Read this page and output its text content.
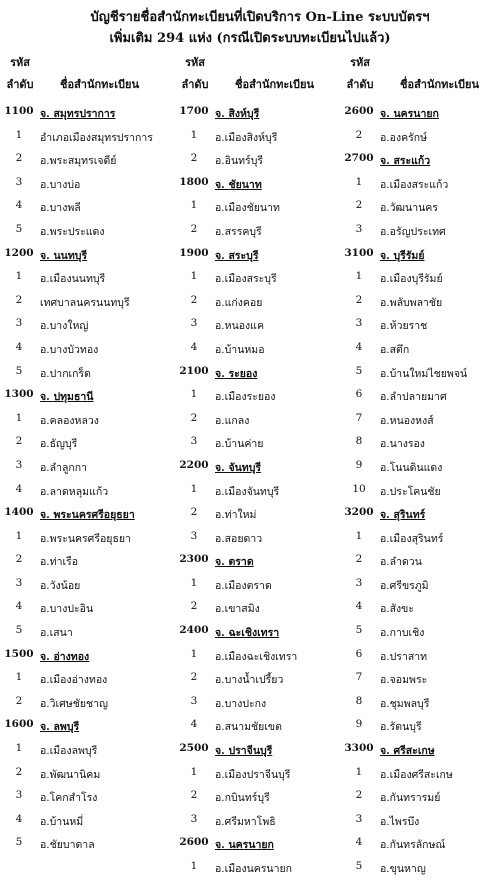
บัญชีรายชื่อสำนักทะเบียนที่เปิดบริการ On-Line ระบบบัตรฯ
เพิ่มเติม 294 แห่ง (กรณีเปิดระบบทะเบียนไปแล้ว)
รหัส
ลำดับ	ชื่อสำนักทะเบียน
1100 จ. สมุทรปราการ
1	อำเภอเมืองสมุทรปราการ
2	อ.พระสมุทรเจดีย์
3	อ.บางบ่อ
4	อ.บางพลี
5	อ.พระประแดง
1200 จ. นนทบุรี
1	อ.เมืองนนทบุรี
2	เทศบาลนครนนทบุรี
3	อ.บางใหญ่
4	อ.บางบัวทอง
5	อ.ปากเกร็ด
1300 จ. ปทุมธานี
1	อ.คลองหลวง
2	อ.ธัญบุรี
3	อ.ลำลูกกา
4	อ.ลาดหลุมแก้ว
1400 จ. พระนครศรีอยุธยา
1	อ.พระนครศรีอยุธยา
2	อ.ท่าเรือ
3	อ.วังน้อย
4	อ.บางปะอิน
5	อ.เสนา
1500 จ. อ่างทอง
1	อ.เมืองอ่างทอง
2	อ.วิเศษชัยชาญ
1600 จ. ลพบุรี
1	อ.เมืองลพบุรี
2	อ.พัฒนานิคม
3	อ.โคกสำโรง
4	อ.บ้านหมี่
5	อ.ชัยบาดาล
รหัส
ลำดับ	ชื่อสำนักทะเบียน
1700 จ. สิงห์บุรี
1	อ.เมืองสิงห์บุรี
2	อ.อินทร์บุรี
1800 จ. ชัยนาท
1	อ.เมืองชัยนาท
2	อ.สรรคบุรี
1900 จ. สระบุรี
1	อ.เมืองสระบุรี
2	อ.แก่งคอย
3	อ.หนองแค
4	อ.บ้านหมอ
2100 จ. ระยอง
1	อ.เมืองระยอง
2	อ.แกลง
3	อ.บ้านค่าย
2200 จ. จันทบุรี
1	อ.เมืองจันทบุรี
2	อ.ท่าใหม่
3	อ.สอยดาว
2300 จ. ตราด
1	อ.เมืองตราด
2	อ.เขาสมิง
2400 จ. ฉะเชิงเทรา
1	อ.เมืองฉะเชิงเทรา
2	อ.บางน้ำเปรี้ยว
3	อ.บางปะกง
4	อ.สนามชัยเขต
2500 จ. ปราจีนบุรี
1	อ.เมืองปราจีนบุรี
2	อ.กบินทร์บุรี
3	อ.ศรีมหาโพธิ
2600 จ. นครนายก
1	อ.เมืองนครนายก
รหัส
ลำดับ	ชื่อสำนักทะเบียน
2600 จ. นครนายก
2	อ.องครักษ์
2700 จ. สระแก้ว
1	อ.เมืองสระแก้ว
2	อ.วัฒนานคร
3	อ.อรัญประเทศ
3100 จ. บุรีรัมย์
1	อ.เมืองบุรีรัมย์
2	อ.พลับพลาชัย
3	อ.ห้วยราช
4	อ.สตึก
5	อ.บ้านใหม่ไชยพจน์
6	อ.ลำปลายมาศ
7	อ.หนองหงส์
8	อ.นางรอง
9	อ.โนนดินแดง
10	อ.ประโคนชัย
3200 จ. สุรินทร์
1	อ.เมืองสุรินทร์
2	อ.ลำดวน
3	อ.ศรีขรภูมิ
4	อ.สังขะ
5	อ.กาบเชิง
6	อ.ปราสาท
7	อ.จอมพระ
8	อ.ชุมพลบุรี
9	อ.รัตนบุรี
3300 จ. ศรีสะเกษ
1	อ.เมืองศรีสะเกษ
2	อ.กันทรารมย์
3	อ.ไพรบึง
4	อ.กันทรลักษณ์
5	อ.ขุนหาญ
